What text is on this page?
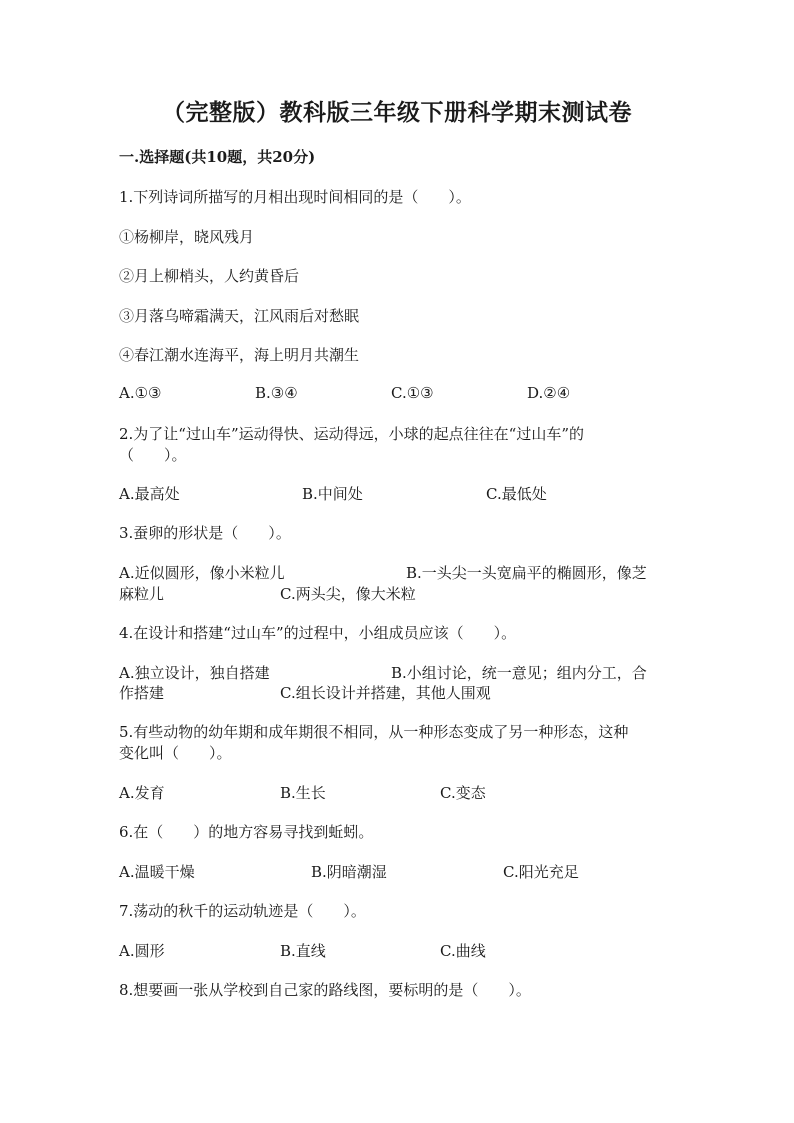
（完整版）教科版三年级下册科学期末测试卷
一.选择题(共10题，共20分)
1.下列诗词所描写的月相出现时间相同的是（　　）。
①杨柳岸，晓风残月
②月上柳梢头，人约黄昏后
③月落乌啼霜满天，江风雨后对愁眠
④春江潮水连海平，海上明月共潮生
A.①③	B.③④	C.①③	D.②④
2.为了让“过山车”运动得快、运动得远，小球的起点往往在“过山车”的
（　　）。
A.最高处	B.中间处	C.最低处
3.蚕卵的形状是（　　）。
A.近似圆形，像小米粒儿	B.一头尖一头宽扁平的椭圆形，像芝
麻粒儿	C.两头尖，像大米粒
4.在设计和搭建“过山车”的过程中，小组成员应该（　　）。
A.独立设计，独自搭建	B.小组讨论，统一意见；组内分工，合
作搭建	C.组长设计并搭建，其他人围观
5.有些动物的幼年期和成年期很不相同，从一种形态变成了另一种形态，这种
变化叫（　　）。
A.发育	B.生长	C.变态
6.在（　　）的地方容易寻找到蚯蚓。
A.温暖干燥	B.阴暗潮湿	C.阳光充足
7.荡动的秋千的运动轨迹是（　　）。
A.圆形	B.直线	C.曲线
8.想要画一张从学校到自己家的路线图，要标明的是（　　）。
